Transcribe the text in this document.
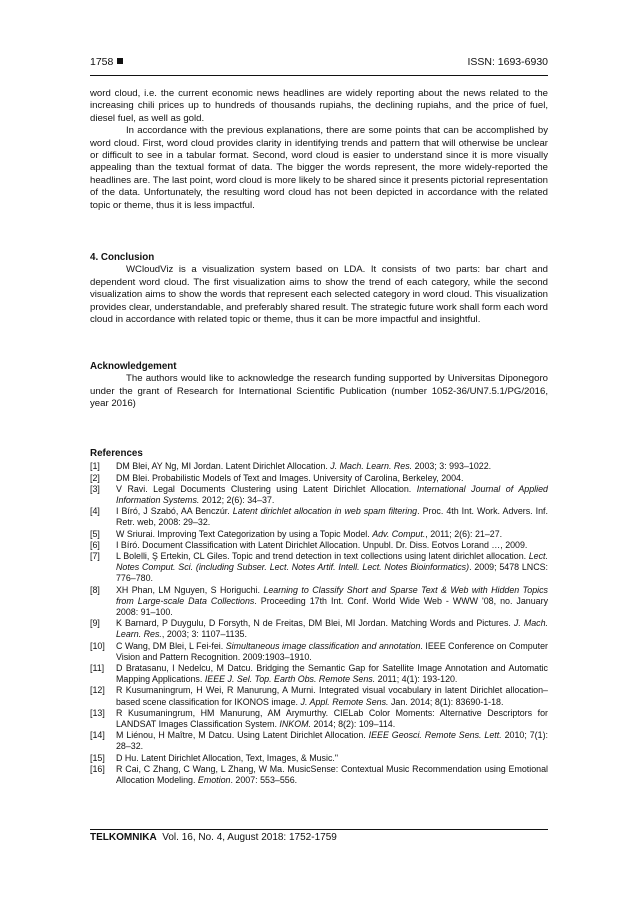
1758	ISSN: 1693-6930

word cloud, i.e. the current economic news headlines are widely reporting about the news related to the increasing chili prices up to hundreds of thousands rupiahs, the declining rupiahs, and the price of fuel, diesel fuel, as well as gold.

In accordance with the previous explanations, there are some points that can be accomplished by word cloud. First, word cloud provides clarity in identifying trends and pattern that will otherwise be unclear or difficult to see in a tabular format. Second, word cloud is easier to understand since it is more visually appealing than the textual format of data. The bigger the words represent, the more widely-reported the headlines are. The last point, word cloud is more likely to be shared since it presents pictorial representation of the data. Unfortunately, the resulting word cloud has not been depicted in accordance with the related topic or theme, thus it is less impactful.

4. Conclusion

WCloudViz is a visualization system based on LDA. It consists of two parts: bar chart and dependent word cloud. The first visualization aims to show the trend of each category, while the second visualization aims to show the words that represent each selected category in word cloud. This visualization provides clear, understandable, and preferably shared result. The strategic future work shall form each word cloud in accordance with related topic or theme, thus it can be more impactful and insightful.

Acknowledgement

The authors would like to acknowledge the research funding supported by Universitas Diponegoro under the grant of Research for International Scientific Publication (number 1052-36/UN7.5.1/PG/2016, year 2016)

References
[1] DM Blei, AY Ng, MI Jordan. Latent Dirichlet Allocation. J. Mach. Learn. Res. 2003; 3: 993–1022.
[2] DM Blei. Probabilistic Models of Text and Images. University of Carolina, Berkeley, 2004.
[3] V Ravi. Legal Documents Clustering using Latent Dirichlet Allocation. International Journal of Applied Information Systems. 2012; 2(6): 34–37.
[4] I Bíró, J Szabó, AA Benczúr. Latent dirichlet allocation in web spam filtering. Proc. 4th Int. Work. Advers. Inf. Retr. web, 2008: 29–32.
[5] W Sriurai. Improving Text Categorization by using a Topic Model. Adv. Comput., 2011; 2(6): 21–27.
[6] I Bíró. Document Classification with Latent Dirichlet Allocation. Unpubl. Dr. Diss. Eotvos Lorand …, 2009.
[7] L Bolelli, Ş Ertekin, CL Giles. Topic and trend detection in text collections using latent dirichlet allocation. Lect. Notes Comput. Sci. (including Subser. Lect. Notes Artif. Intell. Lect. Notes Bioinformatics). 2009; 5478 LNCS: 776–780.
[8] XH Phan, LM Nguyen, S Horiguchi. Learning to Classify Short and Sparse Text & Web with Hidden Topics from Large-scale Data Collections. Proceeding 17th Int. Conf. World Wide Web - WWW '08, no. January 2008: 91–100.
[9] K Barnard, P Duygulu, D Forsyth, N de Freitas, DM Blei, MI Jordan. Matching Words and Pictures. J. Mach. Learn. Res., 2003; 3: 1107–1135.
[10] C Wang, DM Blei, L Fei-fei. Simultaneous image classification and annotation. IEEE Conference on Computer Vision and Pattern Recognition. 2009:1903–1910.
[11] D Bratasanu, I Nedelcu, M Datcu. Bridging the Semantic Gap for Satellite Image Annotation and Automatic Mapping Applications. IEEE J. Sel. Top. Earth Obs. Remote Sens. 2011; 4(1): 193-120.
[12] R Kusumaningrum, H Wei, R Manurung, A Murni. Integrated visual vocabulary in latent Dirichlet allocation–based scene classification for IKONOS image. J. Appl. Remote Sens. Jan. 2014; 8(1): 83690-1-18.
[13] R Kusumaningrum, HM Manurung, AM Arymurthy. CIELab Color Moments: Alternative Descriptors for LANDSAT Images Classification System. INKOM. 2014; 8(2): 109–114.
[14] M Liénou, H Maître, M Datcu. Using Latent Dirichlet Allocation. IEEE Geosci. Remote Sens. Lett. 2010; 7(1): 28–32.
[15] D Hu. Latent Dirichlet Allocation, Text, Images, & Music."
[16] R Cai, C Zhang, C Wang, L Zhang, W Ma. MusicSense: Contextual Music Recommendation using Emotional Allocation Modeling. Emotion. 2007: 553–556.
TELKOMNIKA Vol. 16, No. 4, August 2018: 1752-1759
